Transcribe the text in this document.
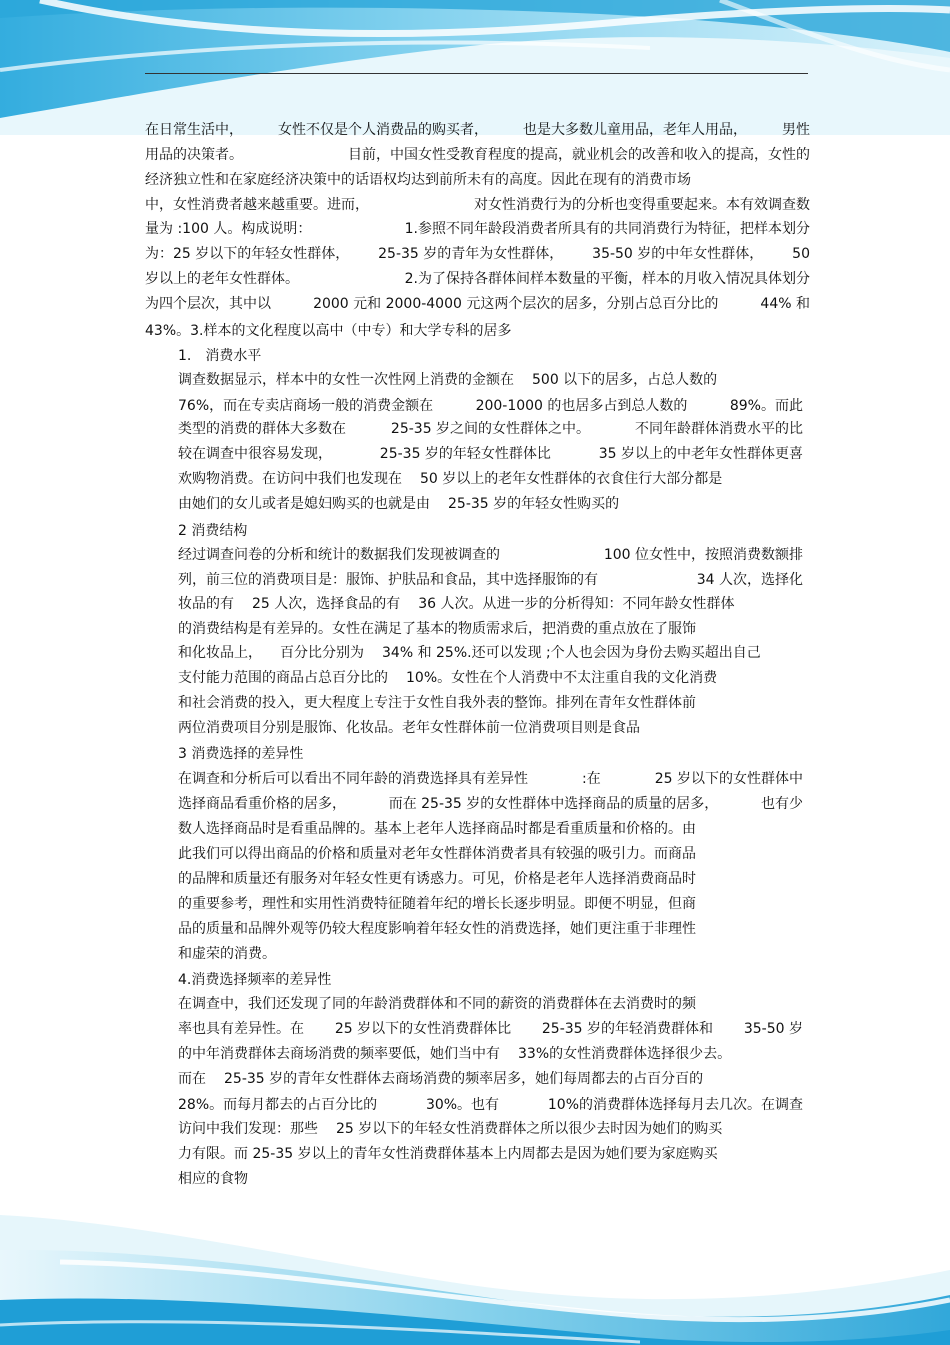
在日常生活中，	女性不仅是个人消费品的购买者，	也是大多数儿童用品，老年人用品，	男性
用品的决策者。	目前，中国女性受教育程度的提高，就业机会的改善和收入的提高，女性的
经济独立性和在家庭经济决策中的话语权均达到前所未有的高度。因此在现有的消费市场
中，女性消费者越来越重要。进而，	对女性消费行为的分析也变得重要起来。本有效调查数
量为 :100 人。构成说明：	1.参照不同年龄段消费者所具有的共同消费行为特征，把样本划分
为：25 岁以下的年轻女性群体， 25-35 岁的青年为女性群体， 35-50 岁的中年女性群体， 50
岁以上的老年女性群体。	2.为了保持各群体间样本数量的平衡，样本的月收入情况具体划分
为四个层次，其中以	2000 元和 2000-4000 元这两个层次的居多，分别占总百分比的	44% 和
43%。3.样本的文化程度以高中（中专）和大学专科的居多
1.　消费水平
调查数据显示，样本中的女性一次性网上消费的金额在 500 以下的居多，占总人数的
76%，而在专卖店商场一般的消费金额在	200-1000 的也居多占到总人数的	89%。而此
类型的消费的群体大多数在	25-35 岁之间的女性群体之中。	不同年龄群体消费水平的比
较在调查中很容易发现，	25-35 岁的年轻女性群体比	35 岁以上的中老年女性群体更喜
欢购物消费。在访问中我们也发现在 50 岁以上的老年女性群体的衣食住行大部分都是
由她们的女儿或者是媳妇购买的也就是由 25-35 岁的年轻女性购买的
2 消费结构
经过调查问卷的分析和统计的数据我们发现被调查的	100 位女性中，按照消费数额排
列，前三位的消费项目是：服饰、护肤品和食品，其中选择服饰的有	34 人次，选择化
妆品的有 25 人次，选择食品的有 36 人次。从进一步的分析得知：不同年龄女性群体
的消费结构是有差异的。女性在满足了基本的物质需求后，把消费的重点放在了服饰
和化妆品上， 百分比分别为 34% 和 25%.还可以发现 ;个人也会因为身份去购买超出自己
支付能力范围的商品占总百分比的 10%。女性在个人消费中不太注重自我的文化消费
和社会消费的投入，更大程度上专注于女性自我外表的整饰。排列在青年女性群体前
两位消费项目分别是服饰、化妆品。老年女性群体前一位消费项目则是食品
3 消费选择的差异性
在调查和分析后可以看出不同年龄的消费选择具有差异性	:在	25 岁以下的女性群体中
选择商品看重价格的居多，	而在 25-35 岁的女性群体中选择商品的质量的居多，	也有少
数人选择商品时是看重品牌的。基本上老年人选择商品时都是看重质量和价格的。由
此我们可以得出商品的价格和质量对老年女性群体消费者具有较强的吸引力。而商品
的品牌和质量还有服务对年轻女性更有诱惑力。可见，价格是老年人选择消费商品时
的重要参考，理性和实用性消费特征随着年纪的增长长逐步明显。即便不明显，但商
品的质量和品牌外观等仍较大程度影响着年轻女性的消费选择，她们更注重于非理性
和虚荣的消费。
4.消费选择频率的差异性
在调查中，我们还发现了同的年龄消费群体和不同的薪资的消费群体在去消费时的频
率也具有差异性。在 25 岁以下的女性消费群体比 25-35 岁的年轻消费群体和 35-50 岁
的中年消费群体去商场消费的频率要低，她们当中有 33%的女性消费群体选择很少去。
而在 25-35 岁的青年女性群体去商场消费的频率居多，她们每周都去的占百分百的
28%。而每月都去的占百分比的	30%。也有	10%的消费群体选择每月去几次。在调查
访问中我们发现：那些 25 岁以下的年轻女性消费群体之所以很少去时因为她们的购买
力有限。而 25-35 岁以上的青年女性消费群体基本上内周都去是因为她们要为家庭购买
相应的食物
